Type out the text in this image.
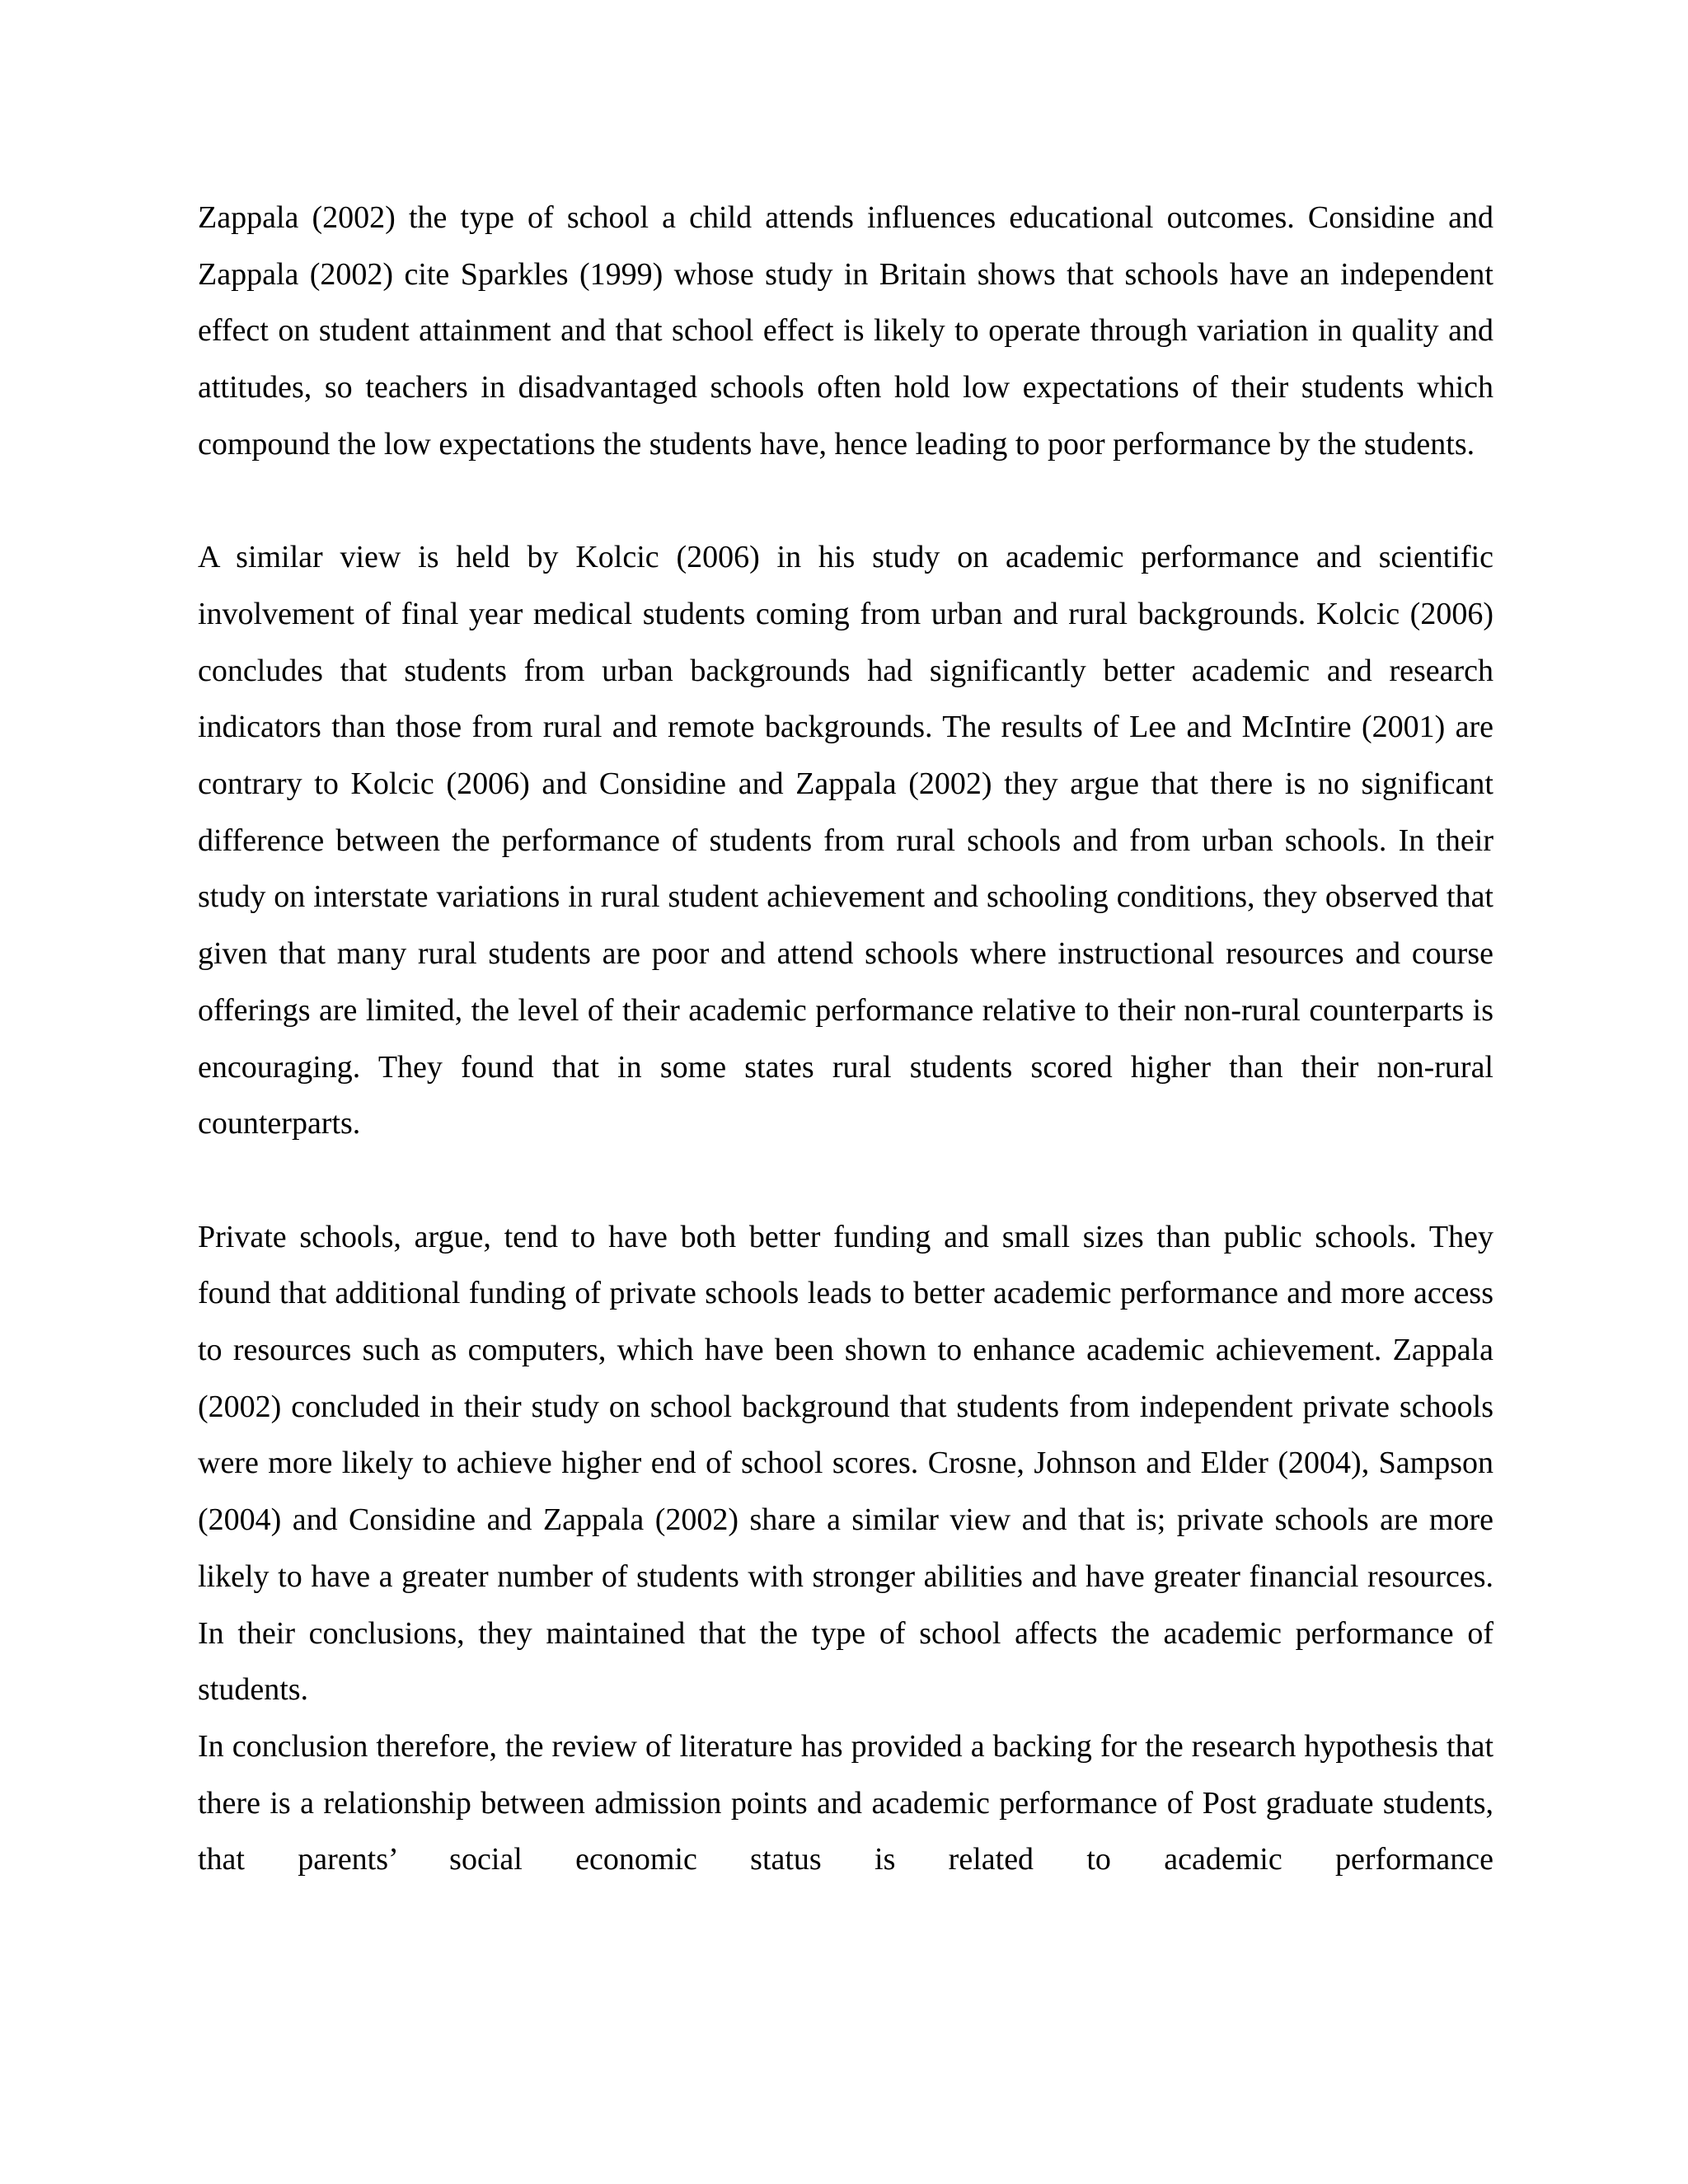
Zappala (2002) the type of school a child attends influences educational outcomes. Considine and Zappala (2002) cite Sparkles (1999) whose study in Britain shows that schools have an independent effect on student attainment and that school effect is likely to operate through variation in quality and attitudes, so teachers in disadvantaged schools often hold low expectations of their students which compound the low expectations the students have, hence leading to poor performance by the students.

A similar view is held by Kolcic (2006) in his study on academic performance and scientific involvement of final year medical students coming from urban and rural backgrounds. Kolcic (2006) concludes that students from urban backgrounds had significantly better academic and research indicators than those from rural and remote backgrounds. The results of Lee and McIntire (2001) are contrary to Kolcic (2006) and Considine and Zappala (2002) they argue that there is no significant difference between the performance of students from rural schools and from urban schools. In their study on interstate variations in rural student achievement and schooling conditions, they observed that given that many rural students are poor and attend schools where instructional resources and course offerings are limited, the level of their academic performance relative to their non-rural counterparts is encouraging. They found that in some states rural students scored higher than their non-rural counterparts.

Private schools, argue, tend to have both better funding and small sizes than public schools. They found that additional funding of private schools leads to better academic performance and more access to resources such as computers, which have been shown to enhance academic achievement. Zappala (2002) concluded in their study on school background that students from independent private schools were more likely to achieve higher end of school scores. Crosne, Johnson and Elder (2004), Sampson (2004) and Considine and Zappala (2002) share a similar view and that is; private schools are more likely to have a greater number of students with stronger abilities and have greater financial resources. In their conclusions, they maintained that the type of school affects the academic performance of students.

In conclusion therefore, the review of literature has provided a backing for the research hypothesis that there is a relationship between admission points and academic performance of Post graduate students, that parents’ social economic status is related to academic performance
